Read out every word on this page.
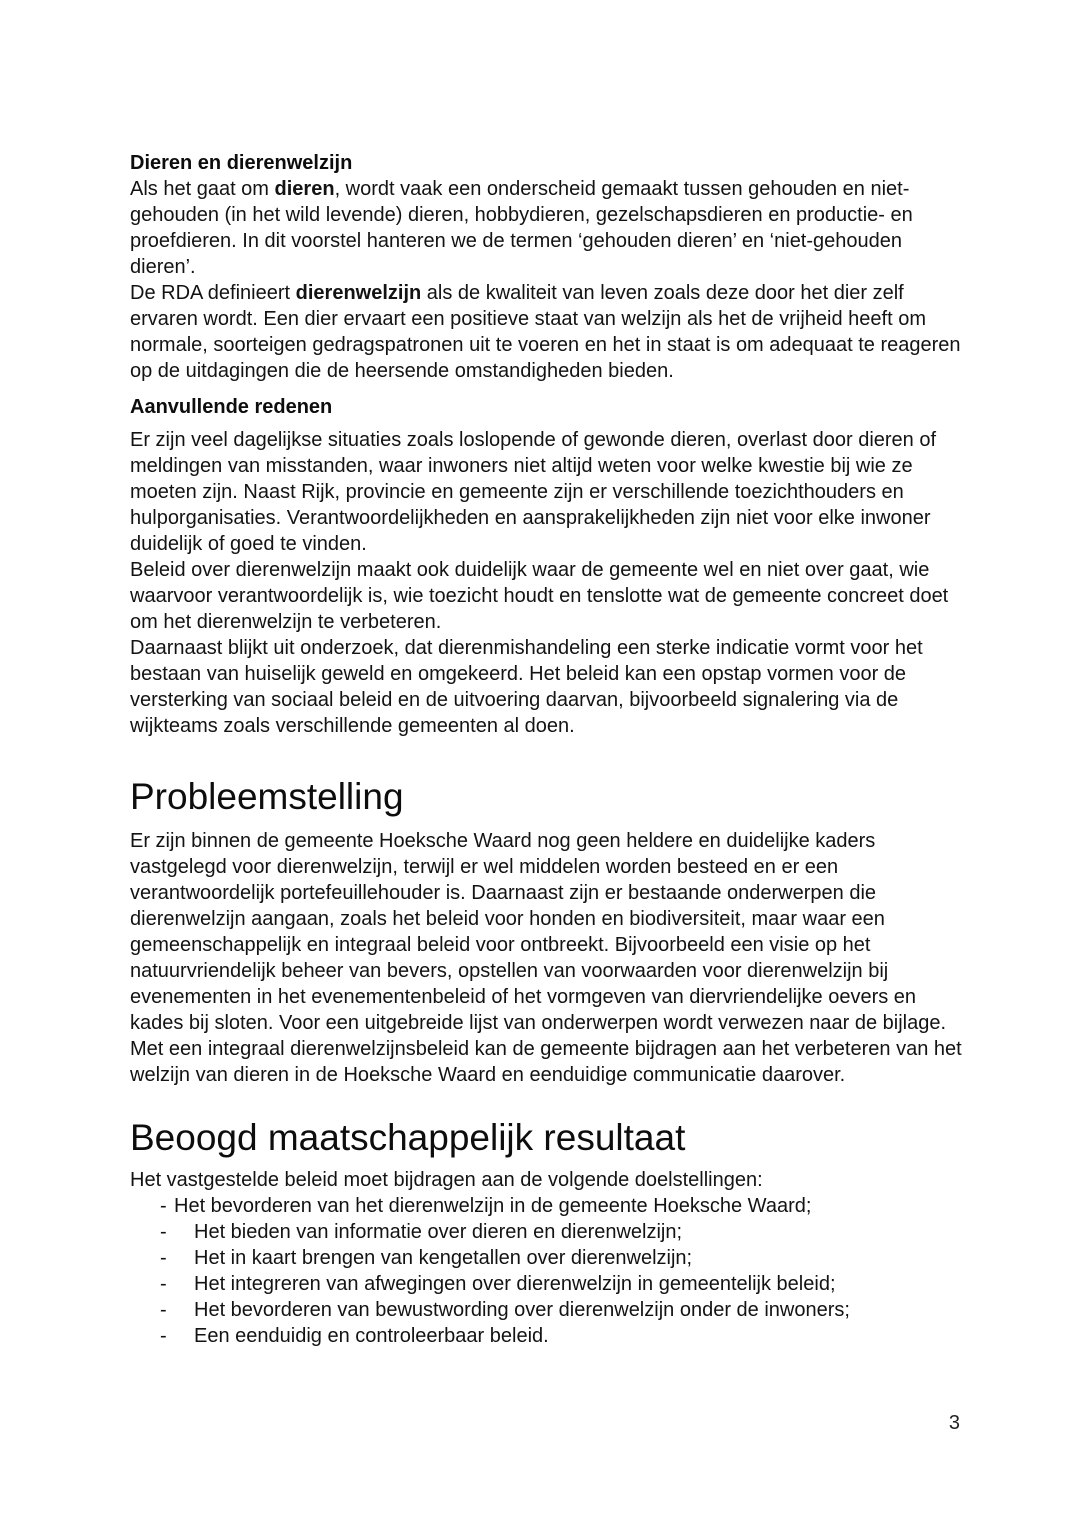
Dieren en dierenwelzijn

Als het gaat om dieren, wordt vaak een onderscheid gemaakt tussen gehouden en niet-gehouden (in het wild levende) dieren, hobbydieren, gezelschapsdieren en productie- en proefdieren. In dit voorstel hanteren we de termen ‘gehouden dieren’ en ‘niet-gehouden dieren’.

De RDA definieert dierenwelzijn als de kwaliteit van leven zoals deze door het dier zelf ervaren wordt. Een dier ervaart een positieve staat van welzijn als het de vrijheid heeft om normale, soorteigen gedragspatronen uit te voeren en het in staat is om adequaat te reageren op de uitdagingen die de heersende omstandigheden bieden.

Aanvullende redenen

Er zijn veel dagelijkse situaties zoals loslopende of gewonde dieren, overlast door dieren of meldingen van misstanden, waar inwoners niet altijd weten voor welke kwestie bij wie ze moeten zijn. Naast Rijk, provincie en gemeente zijn er verschillende toezichthouders en hulporganisaties. Verantwoordelijkheden en aansprakelijkheden zijn niet voor elke inwoner duidelijk of goed te vinden.

Beleid over dierenwelzijn maakt ook duidelijk waar de gemeente wel en niet over gaat, wie waarvoor verantwoordelijk is, wie toezicht houdt en tenslotte wat de gemeente concreet doet om het dierenwelzijn te verbeteren.

Daarnaast blijkt uit onderzoek, dat dierenmishandeling een sterke indicatie vormt voor het bestaan van huiselijk geweld en omgekeerd. Het beleid kan een opstap vormen voor de versterking van sociaal beleid en de uitvoering daarvan, bijvoorbeeld signalering via de wijkteams zoals verschillende gemeenten al doen.

Probleemstelling

Er zijn binnen de gemeente Hoeksche Waard nog geen heldere en duidelijke kaders vastgelegd voor dierenwelzijn, terwijl er wel middelen worden besteed en er een verantwoordelijk portefeuillehouder is. Daarnaast zijn er bestaande onderwerpen die dierenwelzijn aangaan, zoals het beleid voor honden en biodiversiteit, maar waar een gemeenschappelijk en integraal beleid voor ontbreekt. Bijvoorbeeld een visie op het natuurvriendelijk beheer van bevers, opstellen van voorwaarden voor dierenwelzijn bij evenementen in het evenementenbeleid of het vormgeven van diervriendelijke oevers en kades bij sloten. Voor een uitgebreide lijst van onderwerpen wordt verwezen naar de bijlage. Met een integraal dierenwelzijnsbeleid kan de gemeente bijdragen aan het verbeteren van het welzijn van dieren in de Hoeksche Waard en eenduidige communicatie daarover.

Beoogd maatschappelijk resultaat

Het vastgestelde beleid moet bijdragen aan de volgende doelstellingen:

- Het bevorderen van het dierenwelzijn in de gemeente Hoeksche Waard;
-	Het bieden van informatie over dieren en dierenwelzijn;
-	Het in kaart brengen van kengetallen over dierenwelzijn;
-	Het integreren van afwegingen over dierenwelzijn in gemeentelijk beleid;
-	Het bevorderen van bewustwording over dierenwelzijn onder de inwoners;
-	Een eenduidig en controleerbaar beleid.
3
